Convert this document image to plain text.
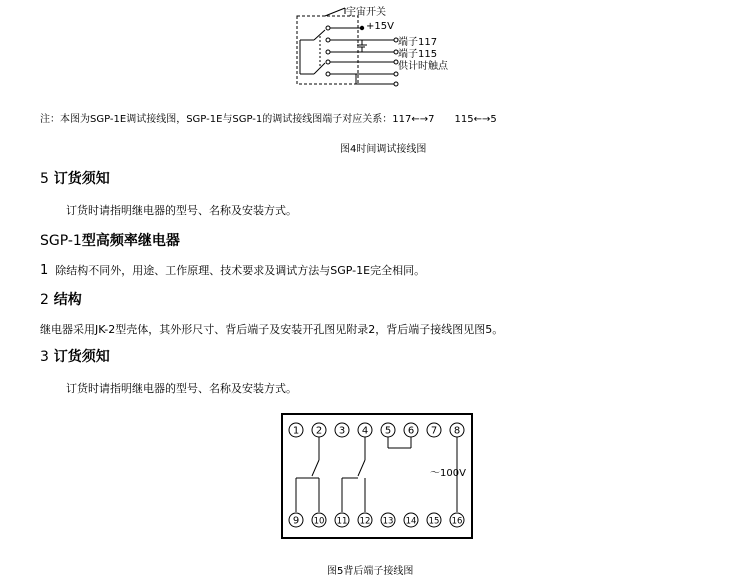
宇宙开关
+15V
端子117
端子115
供计时触点
注：本图为SGP-1E调试接线图，SGP-1E与SGP-1的调试接线图端子对应关系：117←→7　　115←→5
图4时间调试接线图
5 订货须知
订货时请指明继电器的型号、名称及安装方式。
SGP-1型高频率继电器
1 除结构不同外，用途、工作原理、技术要求及调试方法与SGP-1E完全相同。
2 结构
继电器采用JK-2型壳体，其外形尺寸、背后端子及安装开孔图见附录2，背后端子接线图见图5。
3 订货须知
订货时请指明继电器的型号、名称及安装方式。
1 2 3 4 5 6 7 8
9 10 11 12 13 14 15 16
～100V
图5背后端子接线图
